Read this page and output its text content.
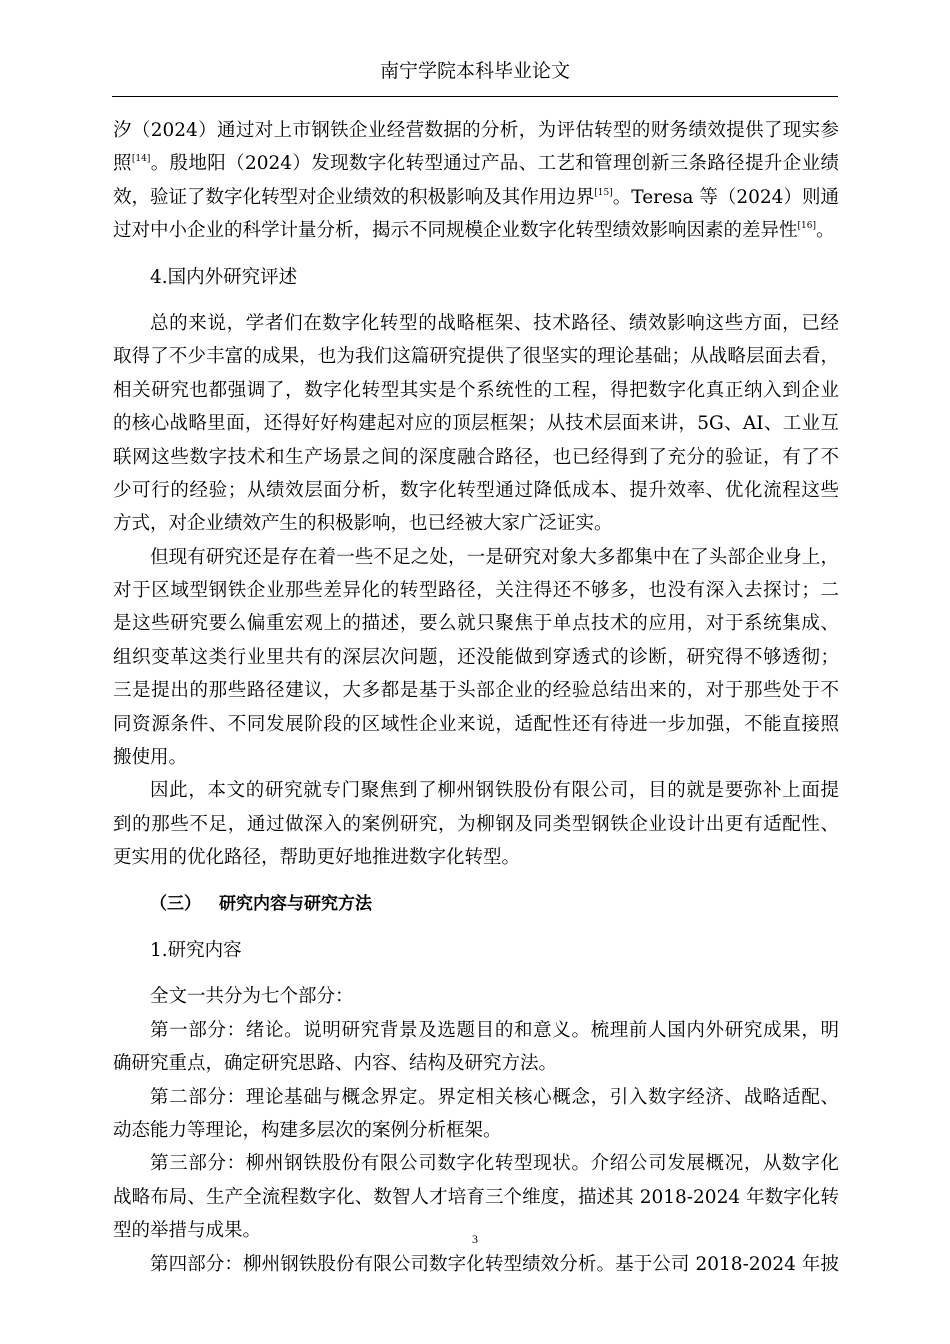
南宁学院本科毕业论文
汐（2024）通过对上市钢铁企业经营数据的分析，为评估转型的财务绩效提供了现实参
照[14]。殷地阳（2024）发现数字化转型通过产品、工艺和管理创新三条路径提升企业绩
效，验证了数字化转型对企业绩效的积极影响及其作用边界[15]。Teresa 等（2024）则通
过对中小企业的科学计量分析，揭示不同规模企业数字化转型绩效影响因素的差异性[16]。
4.国内外研究评述
总的来说，学者们在数字化转型的战略框架、技术路径、绩效影响这些方面，已经
取得了不少丰富的成果，也为我们这篇研究提供了很坚实的理论基础；从战略层面去看，
相关研究也都强调了，数字化转型其实是个系统性的工程，得把数字化真正纳入到企业
的核心战略里面，还得好好构建起对应的顶层框架；从技术层面来讲，5G、AI、工业互
联网这些数字技术和生产场景之间的深度融合路径，也已经得到了充分的验证，有了不
少可行的经验；从绩效层面分析，数字化转型通过降低成本、提升效率、优化流程这些
方式，对企业绩效产生的积极影响，也已经被大家广泛证实。
但现有研究还是存在着一些不足之处，一是研究对象大多都集中在了头部企业身上，
对于区域型钢铁企业那些差异化的转型路径，关注得还不够多，也没有深入去探讨；二
是这些研究要么偏重宏观上的描述，要么就只聚焦于单点技术的应用，对于系统集成、
组织变革这类行业里共有的深层次问题，还没能做到穿透式的诊断，研究得不够透彻；
三是提出的那些路径建议，大多都是基于头部企业的经验总结出来的，对于那些处于不
同资源条件、不同发展阶段的区域性企业来说，适配性还有待进一步加强，不能直接照
搬使用。
因此，本文的研究就专门聚焦到了柳州钢铁股份有限公司，目的就是要弥补上面提
到的那些不足，通过做深入的案例研究，为柳钢及同类型钢铁企业设计出更有适配性、
更实用的优化路径，帮助更好地推进数字化转型。
（三） 研究内容与研究方法
1.研究内容
全文一共分为七个部分：
第一部分：绪论。说明研究背景及选题目的和意义。梳理前人国内外研究成果，明
确研究重点，确定研究思路、内容、结构及研究方法。
第二部分：理论基础与概念界定。界定相关核心概念，引入数字经济、战略适配、
动态能力等理论，构建多层次的案例分析框架。
第三部分：柳州钢铁股份有限公司数字化转型现状。介绍公司发展概况，从数字化
战略布局、生产全流程数字化、数智人才培育三个维度，描述其 2018-2024 年数字化转
型的举措与成果。
第四部分：柳州钢铁股份有限公司数字化转型绩效分析。基于公司 2018-2024 年披
3
